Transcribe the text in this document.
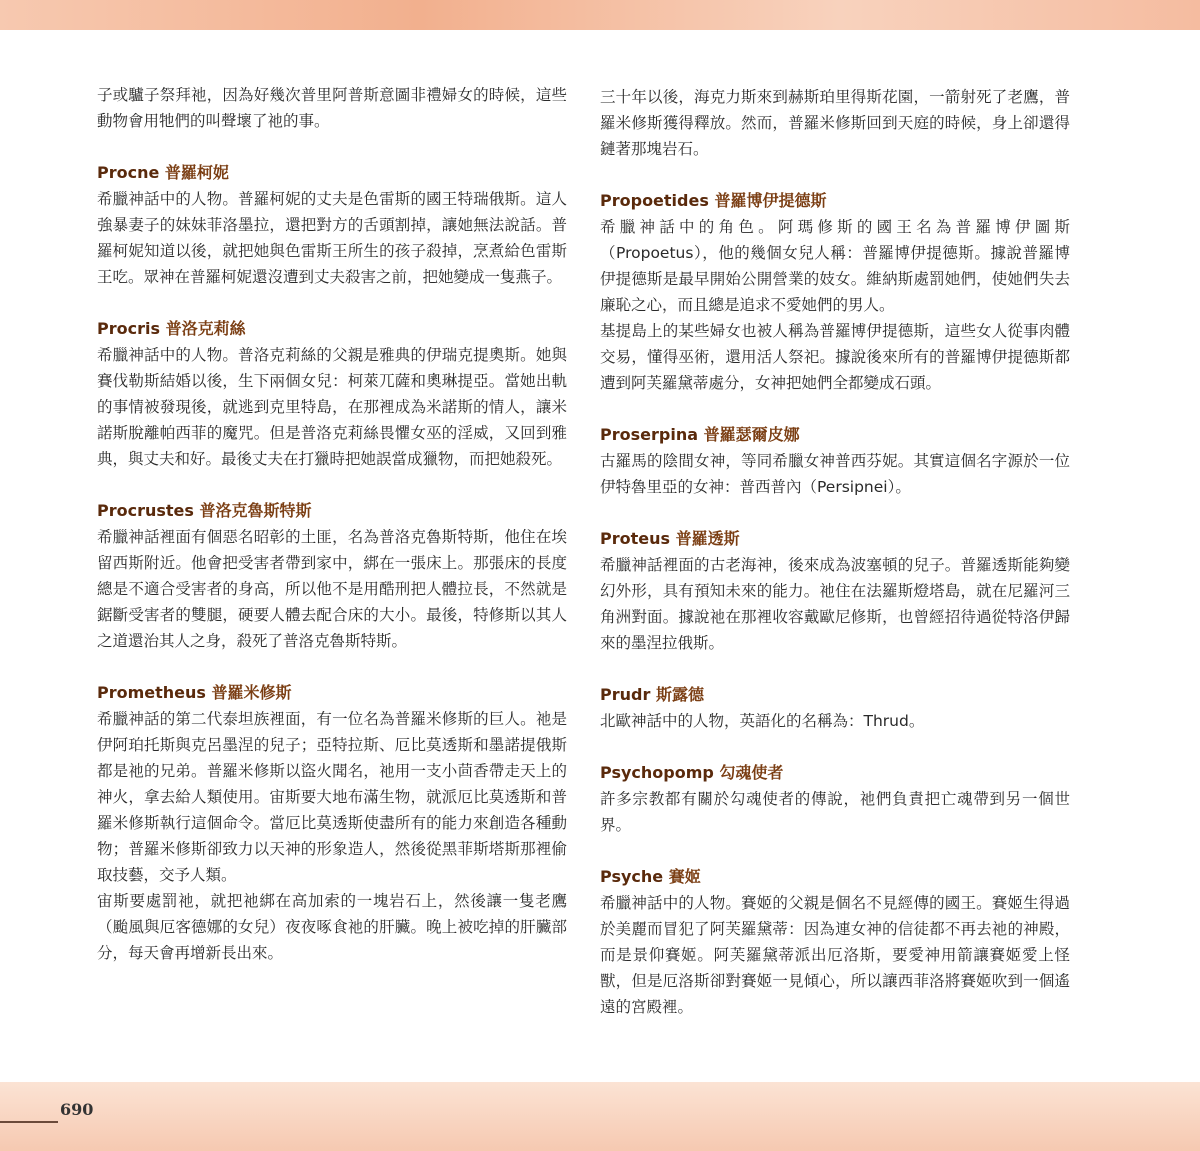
子或驢子祭拜祂，因為好幾次普里阿普斯意圖非禮婦女的時候，這些動物會用牠們的叫聲壞了祂的事。

Procne 普羅柯妮

希臘神話中的人物。普羅柯妮的丈夫是色雷斯的國王特瑞俄斯。這人強暴妻子的妹妹菲洛墨拉，還把對方的舌頭割掉，讓她無法說話。普羅柯妮知道以後，就把她與色雷斯王所生的孩子殺掉，烹煮給色雷斯王吃。眾神在普羅柯妮還沒遭到丈夫殺害之前，把她變成一隻燕子。

Procris 普洛克莉絲

希臘神話中的人物。普洛克莉絲的父親是雅典的伊瑞克提奧斯。她與賽伐勒斯結婚以後，生下兩個女兒：柯萊兀薩和奧琳提亞。當她出軌的事情被發現後，就逃到克里特島，在那裡成為米諾斯的情人，讓米諾斯脫離帕西菲的魔咒。但是普洛克莉絲畏懼女巫的淫威，又回到雅典，與丈夫和好。最後丈夫在打獵時把她誤當成獵物，而把她殺死。

Procrustes 普洛克魯斯特斯

希臘神話裡面有個惡名昭彰的土匪，名為普洛克魯斯特斯，他住在埃留西斯附近。他會把受害者帶到家中，綁在一張床上。那張床的長度總是不適合受害者的身高，所以他不是用酷刑把人體拉長，不然就是鋸斷受害者的雙腿，硬要人體去配合床的大小。最後，特修斯以其人之道還治其人之身，殺死了普洛克魯斯特斯。

Prometheus 普羅米修斯

希臘神話的第二代泰坦族裡面，有一位名為普羅米修斯的巨人。祂是伊阿珀托斯與克呂墨涅的兒子；亞特拉斯、厄比莫透斯和墨諾提俄斯都是祂的兄弟。普羅米修斯以盜火聞名，祂用一支小茴香帶走天上的神火，拿去給人類使用。宙斯要大地布滿生物，就派厄比莫透斯和普羅米修斯執行這個命令。當厄比莫透斯使盡所有的能力來創造各種動物；普羅米修斯卻致力以天神的形象造人，然後從黑菲斯塔斯那裡偷取技藝，交予人類。

宙斯要處罰祂，就把祂綁在高加索的一塊岩石上，然後讓一隻老鷹（颱風與厄客德娜的女兒）夜夜啄食祂的肝臟。晚上被吃掉的肝臟部分，每天會再增新長出來。

三十年以後，海克力斯來到赫斯珀里得斯花園，一箭射死了老鷹，普羅米修斯獲得釋放。然而，普羅米修斯回到天庭的時候，身上卻還得鏈著那塊岩石。

Propoetides 普羅博伊提德斯

希臘神話中的角色。阿瑪修斯的國王名為普羅博伊圖斯（Propoetus），他的幾個女兒人稱：普羅博伊提德斯。據說普羅博伊提德斯是最早開始公開營業的妓女。維納斯處罰她們，使她們失去廉恥之心，而且總是追求不愛她們的男人。

基提島上的某些婦女也被人稱為普羅博伊提德斯，這些女人從事肉體交易，懂得巫術，還用活人祭祀。據說後來所有的普羅博伊提德斯都遭到阿芙羅黛蒂處分，女神把她們全都變成石頭。

Proserpina 普羅瑟爾皮娜

古羅馬的陰間女神，等同希臘女神普西芬妮。其實這個名字源於一位伊特魯里亞的女神：普西普內（Persipnei）。

Proteus 普羅透斯

希臘神話裡面的古老海神，後來成為波塞頓的兒子。普羅透斯能夠變幻外形，具有預知未來的能力。祂住在法羅斯燈塔島，就在尼羅河三角洲對面。據說祂在那裡收容戴歐尼修斯，也曾經招待過從特洛伊歸來的墨涅拉俄斯。

Prudr 斯露德

北歐神話中的人物，英語化的名稱為：Thrud。

Psychopomp 勾魂使者

許多宗教都有關於勾魂使者的傳說，祂們負責把亡魂帶到另一個世界。

Psyche 賽姬

希臘神話中的人物。賽姬的父親是個名不見經傳的國王。賽姬生得過於美麗而冒犯了阿芙羅黛蒂：因為連女神的信徒都不再去祂的神殿，而是景仰賽姬。阿芙羅黛蒂派出厄洛斯，要愛神用箭讓賽姬愛上怪獸，但是厄洛斯卻對賽姬一見傾心，所以讓西菲洛將賽姬吹到一個遙遠的宮殿裡。

690
